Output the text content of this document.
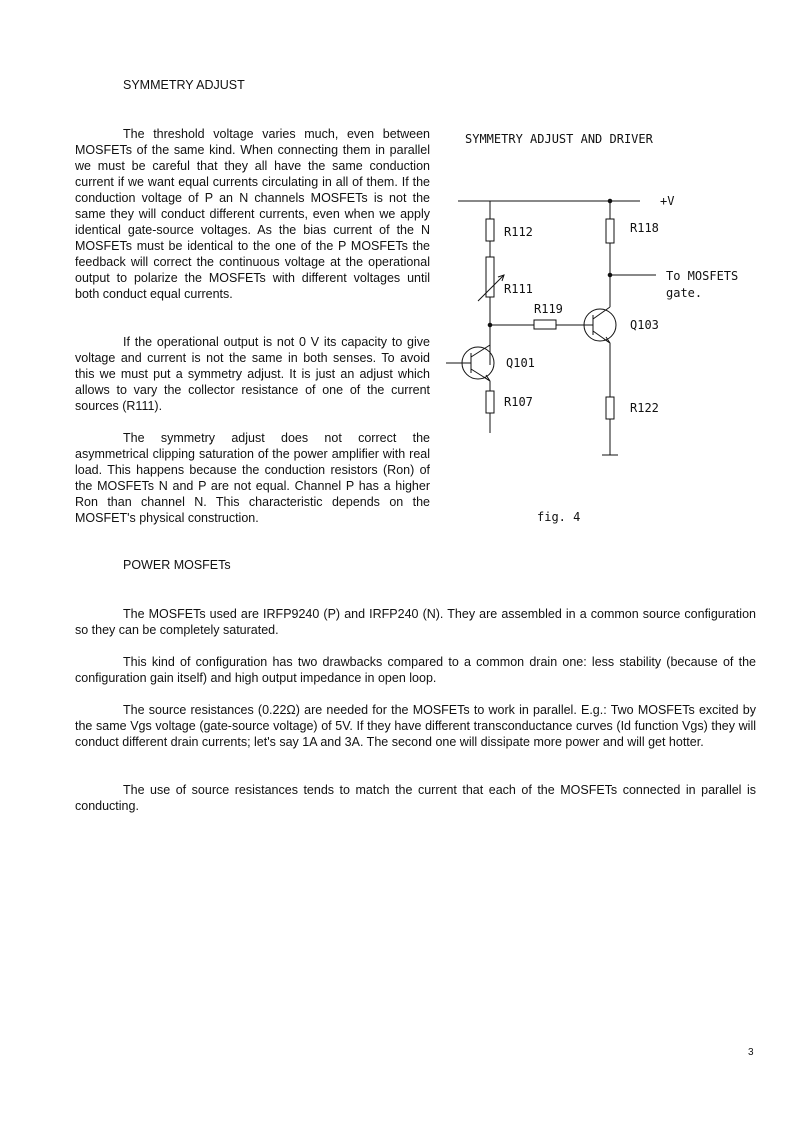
SYMMETRY ADJUST

The threshold voltage varies much, even between MOSFETs of the same kind. When connecting them in parallel we must be careful that they all have the same conduction current if we want equal currents circulating in all of them. If the conduction voltage of P an N channels MOSFETs is not the same they will conduct different currents, even when we apply identical gate-source voltages. As the bias current of the N MOSFETs must be identical to the one of the P MOSFETs the feedback will correct the continuous voltage at the operational output to polarize the MOSFETs with different voltages until both conduct equal currents.

If the operational output is not 0 V its capacity to give voltage and current is not the same in both senses. To avoid this we must put a symmetry adjust. It is just an adjust which allows to vary the collector resistance of one of the current sources (R111).

The symmetry adjust does not correct the asymmetrical clipping saturation of the power amplifier with real load. This happens because the conduction resistors (Ron) of the MOSFETs N and P are not equal. Channel P has a higher Ron than channel N. This characteristic depends on the MOSFET's physical construction.

+V
R112	R118
R111
To MOSFETS
gate.
R119
Q103
Q101
R107	R122
SYMMETRY ADJUST AND DRIVER
fig. 4
POWER MOSFETs

The MOSFETs used are IRFP9240 (P) and IRFP240 (N). They are assembled in a common source configuration so they can be completely saturated.

This kind of configuration has two drawbacks compared to a common drain one: less stability (because of the configuration gain itself) and high output impedance in open loop.

The source resistances (0.22Ω) are needed for the MOSFETs to work in parallel. E.g.: Two MOSFETs excited by the same Vgs voltage (gate-source voltage) of 5V. If they have different transconductance curves (Id function Vgs) they will conduct different drain currents; let's say 1A and 3A. The second one will dissipate more power and will get hotter.

The use of source resistances tends to match the current that each of the MOSFETs connected in parallel is conducting.

3
